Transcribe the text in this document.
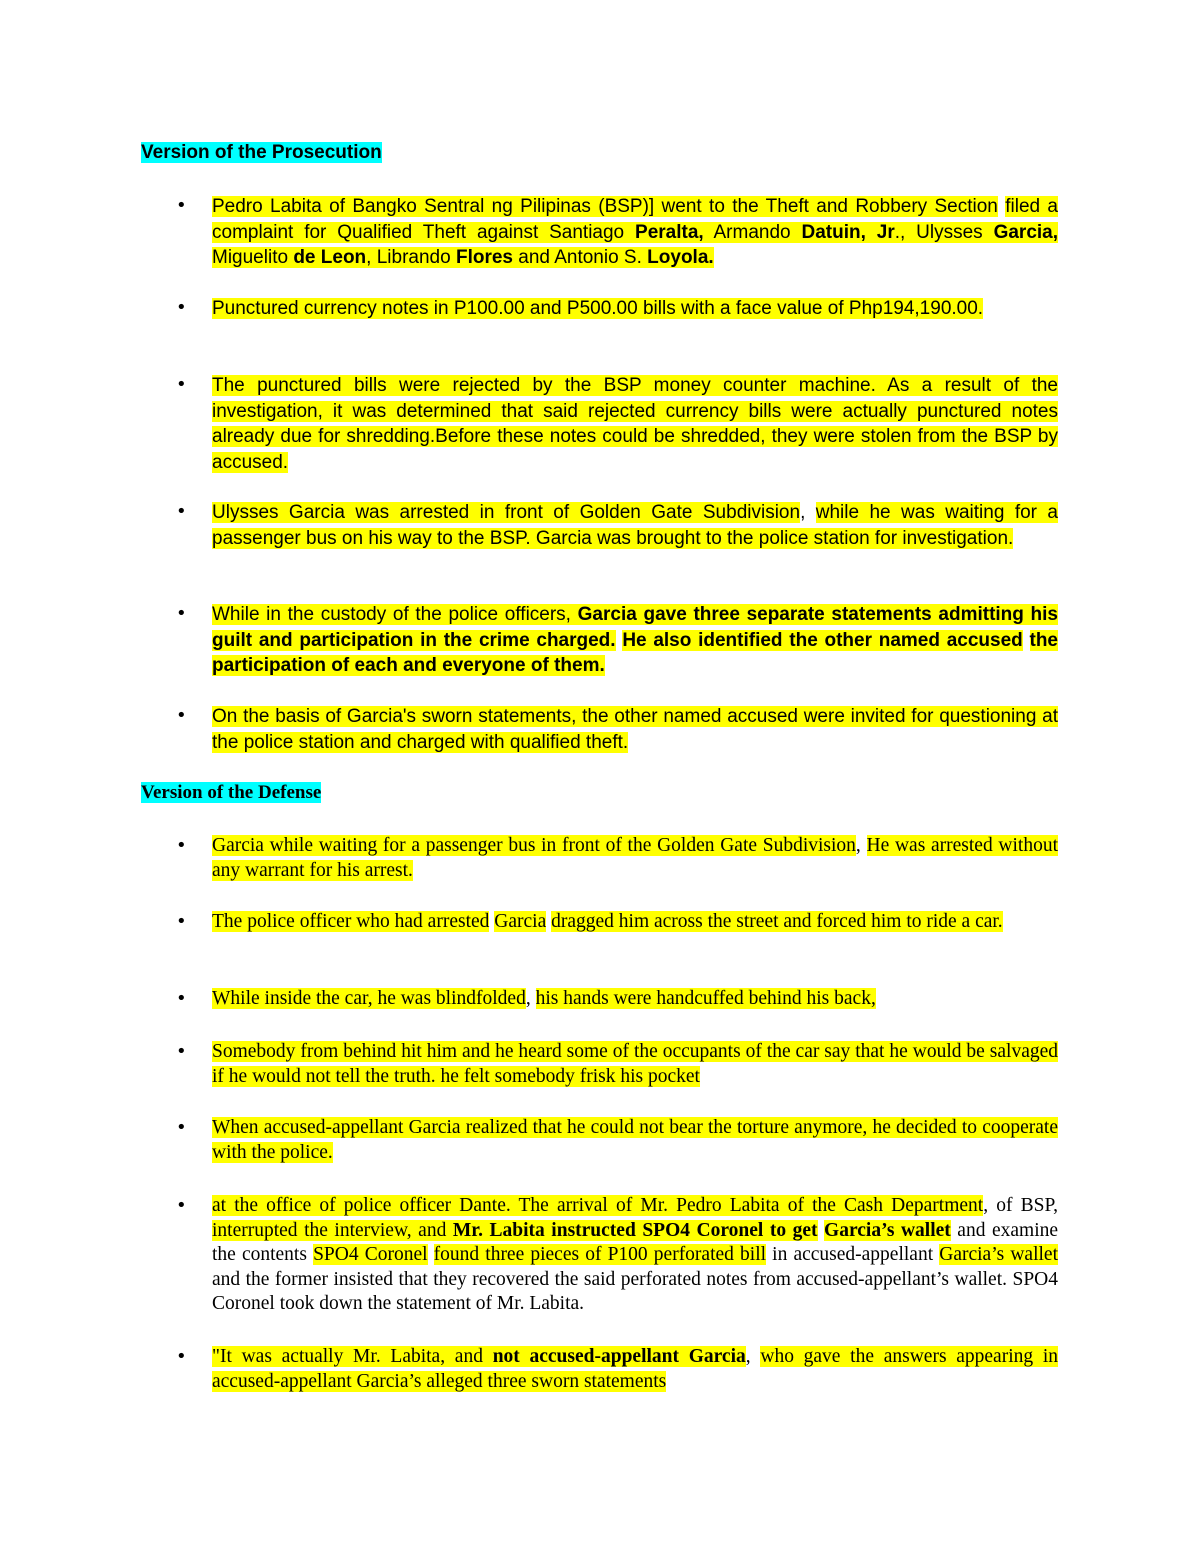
Version of the Prosecution
Version of the Defense
• Pedro Labita of Bangko Sentral ng Pilipinas (BSP)] went to the Theft and Robbery Section filed a complaint for Qualified Theft against Santiago Peralta, Armando Datuin, Jr., Ulysses Garcia, Miguelito de Leon, Librando Flores and Antonio S. Loyola.

• Punctured currency notes in P100.00 and P500.00 bills with a face value of Php194,190.00.

• The punctured bills were rejected by the BSP money counter machine. As a result of the investigation, it was determined that said rejected currency bills were actually punctured notes already due for shredding.Before these notes could be shredded, they were stolen from the BSP by accused.

• Ulysses Garcia was arrested in front of Golden Gate Subdivision, while he was waiting for a passenger bus on his way to the BSP. Garcia was brought to the police station for investigation.

• While in the custody of the police officers, Garcia gave three separate statements admitting his guilt and participation in the crime charged. He also identified the other named accused the participation of each and everyone of them.

• On the basis of Garcia's sworn statements, the other named accused were invited for questioning at the police station and charged with qualified theft.

• Garcia while waiting for a passenger bus in front of the Golden Gate Subdivision, He was arrested without any warrant for his arrest.

• The police officer who had arrested Garcia dragged him across the street and forced him to ride a car.

• While inside the car, he was blindfolded, his hands were handcuffed behind his back,

• Somebody from behind hit him and he heard some of the occupants of the car say that he would be salvaged if he would not tell the truth. he felt somebody frisk his pocket

• When accused-appellant Garcia realized that he could not bear the torture anymore, he decided to cooperate with the police.

• at the office of police officer Dante. The arrival of Mr. Pedro Labita of the Cash Department, of BSP, interrupted the interview, and Mr. Labita instructed SPO4 Coronel to get Garcia’s wallet and examine the contents SPO4 Coronel found three pieces of P100 perforated bill in accused-appellant Garcia’s wallet and the former insisted that they recovered the said perforated notes from accused-appellant’s wallet. SPO4 Coronel took down the statement of Mr. Labita.

• "It was actually Mr. Labita, and not accused-appellant Garcia, who gave the answers appearing in accused-appellant Garcia’s alleged three sworn statements
